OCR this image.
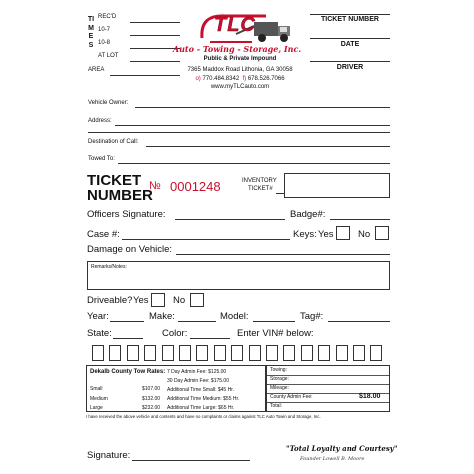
TIMES
REC'D
10-7
10-8
AT LOT
AREA
TLC
Auto - Towing - Storage, Inc.
Public & Private Impound
7365 Maddox Road Lithonia, GA 30058
o) 770.484.8342 f) 678.526.7066
www.myTLCauto.com
TICKET NUMBER
DATE
DRIVER
Vehicle Owner:
Address:
Destination of Call:
Towed To:
TICKET
NUMBER
№ 0001248	INVENTORY
TICKET#
Officers Signature:	Badge#:
Case #:	Keys: Yes	No
Damage on Vehicle:
Remarks/Notes:
Driveable? Yes	No
Year:	Make:	Model:	Tag#:
State:	Color:	Enter VIN# below:
Dekalb County Tow Rates:
Small	$107.00
Medium	$132.00
Large	$232.00
7 Day Admin Fee: $125.00
30 Day Admin Fee: $175.00
Additional Time Small: $45 Hr.
Additional Time Medium: $55 Hr.
Additional Time Large: $65 Hr.
Towing:
Storage:
Mileage:
County Admin Fee:	$18.00
Total:
I have received the above vehicle and contents and have no complaints or claims against TLC Auto Towin and Storage, Inc.
Signature:
"Total Loyalty and Courtesy"
Founder Lowell B. Moore
